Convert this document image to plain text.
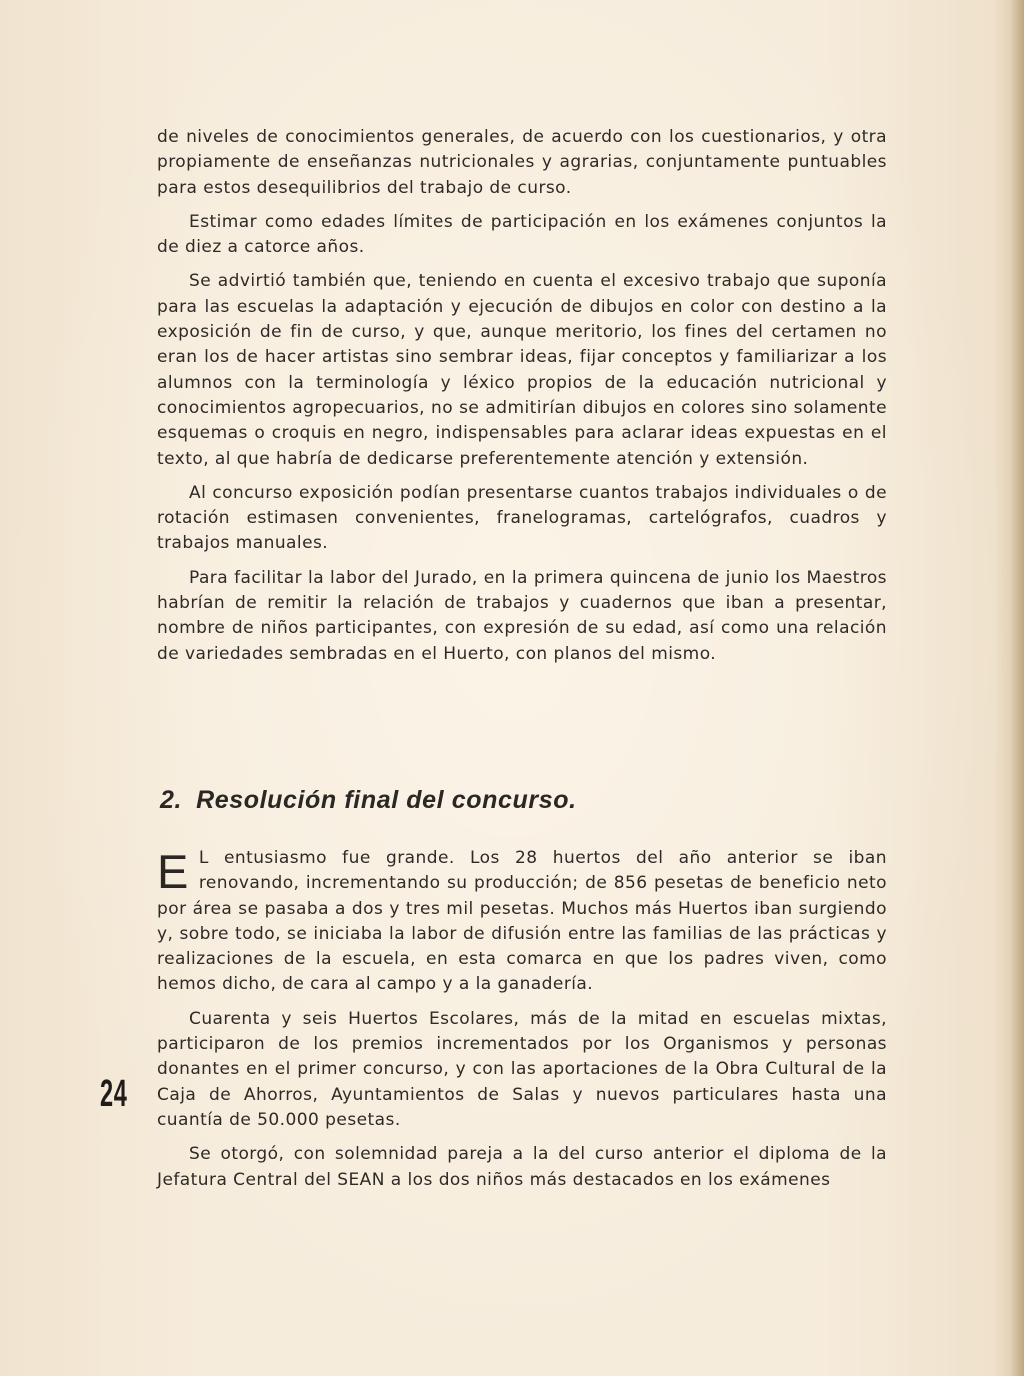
de niveles de conocimientos generales, de acuerdo con los cuestionarios, y otra propiamente de enseñanzas nutricionales y agrarias, conjuntamente puntuables para estos desequilibrios del trabajo de curso.

Estimar como edades límites de participación en los exámenes conjuntos la de diez a catorce años.

Se advirtió también que, teniendo en cuenta el excesivo trabajo que suponía para las escuelas la adaptación y ejecución de dibujos en color con destino a la exposición de fin de curso, y que, aunque meritorio, los fines del certamen no eran los de hacer artistas sino sembrar ideas, fijar conceptos y familiarizar a los alumnos con la terminología y léxico propios de la educación nutricional y conocimientos agropecuarios, no se admitirían dibujos en colores sino solamente esquemas o croquis en negro, indispensables para aclarar ideas expuestas en el texto, al que habría de dedicarse preferentemente atención y extensión.

Al concurso exposición podían presentarse cuantos trabajos individuales o de rotación estimasen convenientes, franelogramas, cartelógrafos, cuadros y trabajos manuales.

Para facilitar la labor del Jurado, en la primera quincena de junio los Maestros habrían de remitir la relación de trabajos y cuadernos que iban a presentar, nombre de niños participantes, con expresión de su edad, así como una relación de variedades sembradas en el Huerto, con planos del mismo.

2. Resolución final del concurso.

E L entusiasmo fue grande. Los 28 huertos del año anterior se iban renovando, incrementando su producción; de 856 pesetas de beneficio neto por área se pasaba a dos y tres mil pesetas. Muchos más Huertos iban surgiendo y, sobre todo, se iniciaba la labor de difusión entre las familias de las prácticas y realizaciones de la escuela, en esta comarca en que los padres viven, como hemos dicho, de cara al campo y a la ganadería.

Cuarenta y seis Huertos Escolares, más de la mitad en escuelas mixtas, participaron de los premios incrementados por los Organismos y personas donantes en el primer concurso, y con las aportaciones de la Obra Cultural de la Caja de Ahorros, Ayuntamientos de Salas y nuevos particulares hasta una cuantía de 50.000 pesetas.

Se otorgó, con solemnidad pareja a la del curso anterior el diploma de la Jefatura Central del SEAN a los dos niños más destacados en los exámenes

24
